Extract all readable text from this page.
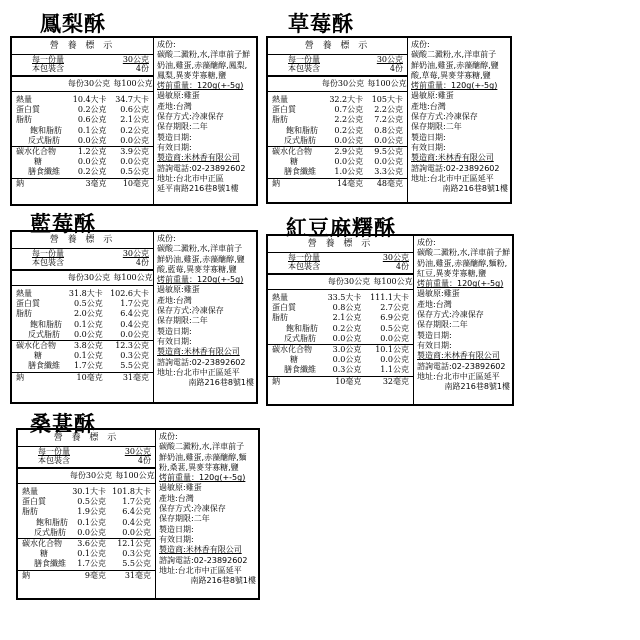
鳳梨酥
營 養 標 示
每一份量	30公克
本包裝含	4份
每份30公克 每100公克
熱量	10.4大卡	34.7大卡
蛋白質	0.2公克	0.6公克
脂肪	0.6公克	2.1公克
飽和脂肪	0.1公克	0.2公克
反式脂肪	0.0公克	0.0公克
碳水化合物	1.2公克	3.9公克
糖	0.0公克	0.0公克
膳食纖維	0.2公克	0.5公克
鈉	3毫克	10毫克
成份:
碳酸二澱粉,水,洋車前子鮮
奶油,雞蛋,赤藻醣醇,鳳梨,
鳳梨,異麥芽寡糖,鹽
烤前重量：120g(+-5g)
過敏原:雞蛋
產地:台灣
保存方式:冷凍保存
保存期限:二年
製造日期:
有效日期:
製造商:米林香有限公司
諮詢電話:02-23892602
地址:台北市中正區
延平南路216巷8號1樓
草莓酥
營 養 標 示
每一份量	30公克
本包裝含	4份
每份30公克 每100公克
熱量	32.2大卡	105大卡
蛋白質	0.7公克	2.2公克
脂肪	2.2公克	7.2公克
飽和脂肪	0.2公克	0.8公克
反式脂肪	0.0公克	0.0公克
碳水化合物	2.9公克	9.5公克
糖	0.0公克	0.0公克
膳食纖維	1.0公克	3.3公克
鈉	14毫克	48毫克
成份:
碳酸二澱粉,水,洋車前子
鮮奶油,雞蛋,赤藻醣醇,鹽
酸,草莓,異麥芽寡糖,鹽
烤前重量：120g(+-5g)
過敏原:雞蛋
產地:台灣
保存方式:冷凍保存
保存期限:二年
製造日期:
有效日期:
製造商:米林香有限公司
諮詢電話:02-23892602
地址:台北市中正區延平
南路216巷8號1樓
藍莓酥
營 養 標 示
每一份量	30公克
本包裝含	4份
每份30公克 每100公克
熱量	31.8大卡	102.6大卡
蛋白質	0.5公克	1.7公克
脂肪	2.0公克	6.4公克
飽和脂肪	0.1公克	0.4公克
反式脂肪	0.0公克	0.0公克
碳水化合物	3.8公克	12.3公克
糖	0.1公克	0.3公克
膳食纖維	1.7公克	5.5公克
鈉	10毫克	31毫克
成份:
碳酸二澱粉,水,洋車前子
鮮奶油,雞蛋,赤藻醣醇,鹽
酸,藍莓,異麥芽寡糖,鹽
烤前重量：120g(+-5g)
過敏原:雞蛋
產地:台灣
保存方式:冷凍保存
保存期限:二年
製造日期:
有效日期:
製造商:米林香有限公司
諮詢電話:02-23892602
地址:台北市中正區延平
南路216巷8號1樓
紅豆麻糬酥
營 養 標 示
每一份量	30公克
本包裝含	4份
每份30公克 每100公克
熱量	33.5大卡	111.1大卡
蛋白質	0.8公克	2.7公克
脂肪	2.1公克	6.9公克
飽和脂肪	0.2公克	0.5公克
反式脂肪	0.0公克	0.0公克
碳水化合物	3.0公克	10.1公克
糖	0.0公克	0.0公克
膳食纖維	0.3公克	1.1公克
鈉	10毫克	32毫克
成份:
碳酸二澱粉,水,洋車前子鮮
奶油,雞蛋,赤藻醣醇,麵粉,
紅豆,異麥芽寡糖,鹽
烤前重量：120g(+-5g)
過敏原:雞蛋
產地:台灣
保存方式:冷凍保存
保存期限:二年
製造日期:
有效日期:
製造商:米林香有限公司
諮詢電話:02-23892602
地址:台北市中正區延平
南路216巷8號1樓
桑葚酥
營 養 標 示
每一份量	30公克
本包裝含	4份
每份30公克 每100公克
熱量	30.1大卡	101.8大卡
蛋白質	0.5公克	1.7公克
脂肪	1.9公克	6.4公克
飽和脂肪	0.1公克	0.4公克
反式脂肪	0.0公克	0.0公克
碳水化合物	3.6公克	12.1公克
糖	0.1公克	0.3公克
膳食纖維	1.7公克	5.5公克
鈉	9毫克	31毫克
成份:
碳酸二澱粉,水,洋車前子
鮮奶油,雞蛋,赤藻醣醇,麵
粉,桑葚,異麥芽寡糖,鹽
烤前重量：120g(+-5g)
過敏原:雞蛋
產地:台灣
保存方式:冷凍保存
保存期限:二年
製造日期:
有效日期:
製造商:米林香有限公司
諮詢電話:02-23892602
地址:台北市中正區延平
南路216巷8號1樓
